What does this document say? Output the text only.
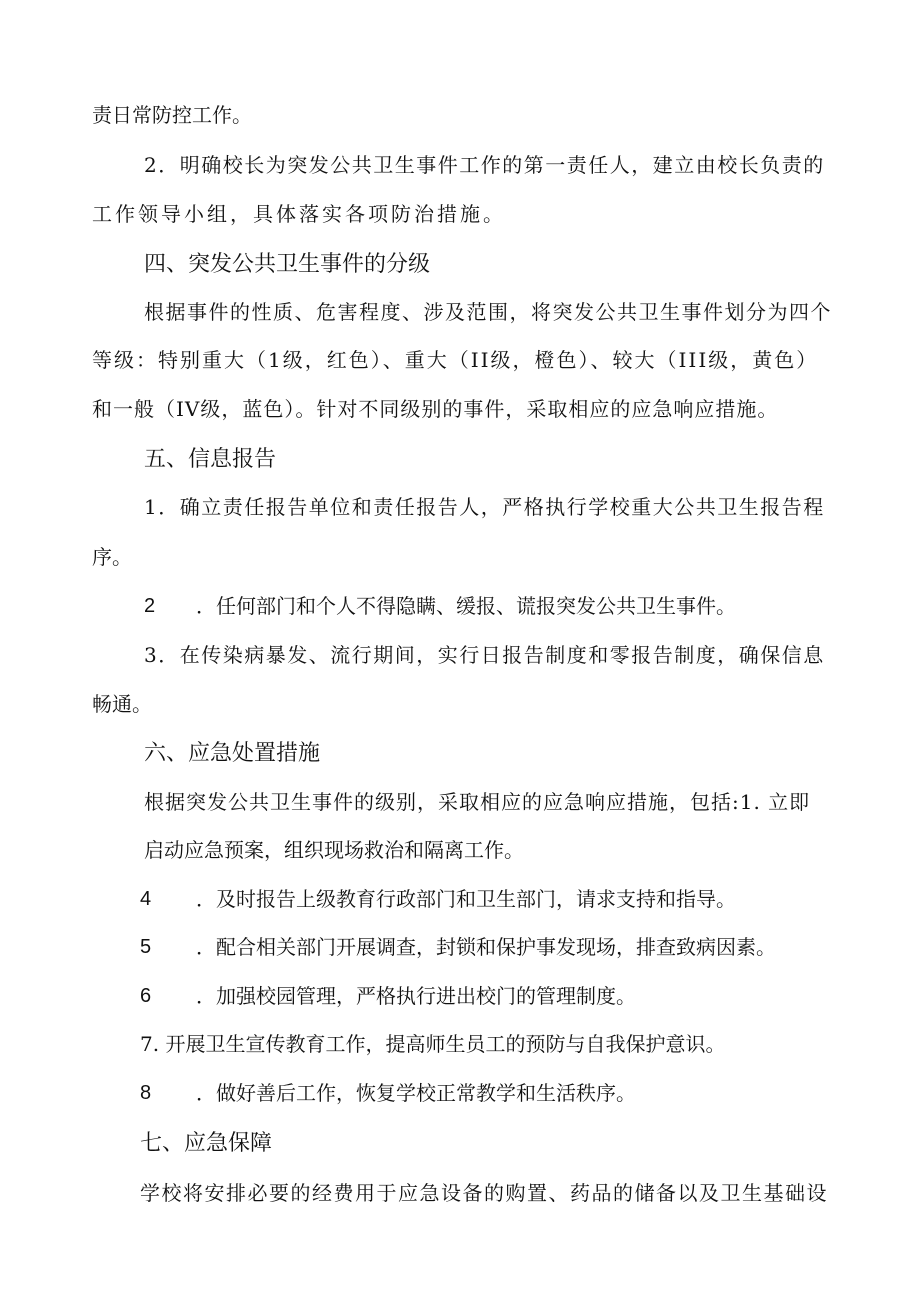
责日常防控工作。
2．明确校长为突发公共卫生事件工作的第一责任人，建立由校长负责的
工作领导小组，具体落实各项防治措施。
四、突发公共卫生事件的分级
根据事件的性质、危害程度、涉及范围，将突发公共卫生事件划分为四个
等级：特别重大（1级，红色）、重大（II级，橙色）、较大（III级，黄色）
和一般（IV级，蓝色）。针对不同级别的事件，采取相应的应急响应措施。
五、信息报告
1．确立责任报告单位和责任报告人，严格执行学校重大公共卫生报告程
序。
2 ．任何部门和个人不得隐瞒、缓报、谎报突发公共卫生事件。
3．在传染病暴发、流行期间，实行日报告制度和零报告制度，确保信息
畅通。
六、应急处置措施
根据突发公共卫生事件的级别，采取相应的应急响应措施，包括:1. 立即
启动应急预案，组织现场救治和隔离工作。
4 ．及时报告上级教育行政部门和卫生部门，请求支持和指导。
5 ．配合相关部门开展调查，封锁和保护事发现场，排查致病因素。
6 ．加强校园管理，严格执行进出校门的管理制度。
7. 开展卫生宣传教育工作，提高师生员工的预防与自我保护意识。
8 ．做好善后工作，恢复学校正常教学和生活秩序。
七、应急保障
学校将安排必要的经费用于应急设备的购置、药品的储备以及卫生基础设
